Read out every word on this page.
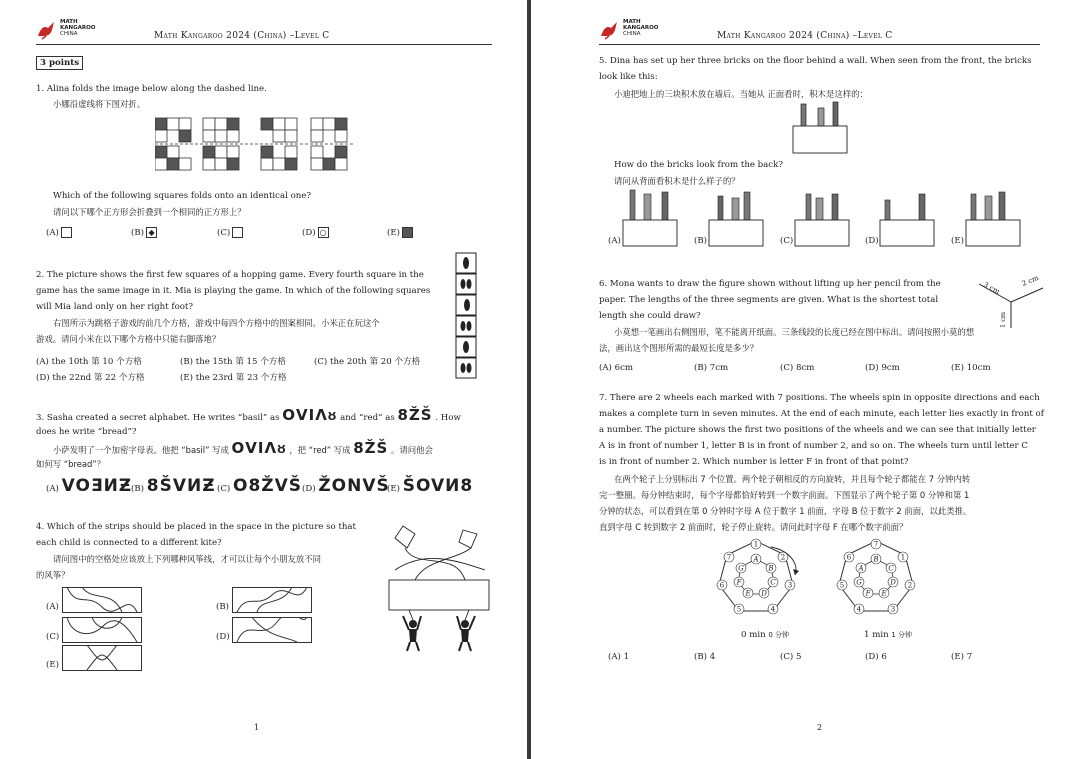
MATH
KANGAROO
CHINA	Math Kangaroo 2024 (China) –Level C
3 points
1. Alina folds the image below along the dashed line.
小娜沿虚线将下图对折。
Which of the following squares folds onto an identical one?
请问以下哪个正方形会折叠到一个相同的正方形上？
(A)	(B) ◆	(C)	(D) ○	(E)
2. The picture shows the first few squares of a hopping game. Every fourth square in the
game has the same image in it. Mia is playing the game. In which of the following squares
will Mia land only on her right foot?
右图所示为跳格子游戏的前几个方格，游戏中每四个方格中的图案相同。小米正在玩这个
游戏。请问小米在以下哪个方格中只能右脚落地？
(A) the 10th 第 10 个方格	(B) the 15th 第 15 个方格	(C) the 20th 第 20 个方格
(D) the 22nd 第 22 个方格	(E) the 23rd 第 23 个方格
3. Sasha created a secret alphabet. He writes “basil” as ОVIΛᴕ and “red” as 8ŽŠ . How
does he write “bread”?
小萨发明了一个加密字母表。他把 “basil” 写成 ОVIΛᴕ ，把 “red” 写成 8ŽŠ 。请问他会
如何写 “bread”？
(A) VOƎИƵ
(B) 8ŠVИƵ (C) O8ŽVŠ (D) ŽONVŠ
(E) ŠOVИ8
4. Which of the strips should be placed in the space in the picture so that
each child is connected to a different kite?
请问图中的空格处应该放上下列哪种风筝线，才可以让每个小朋友放不同
的风筝？
(A)	(B)
(C)	(D)
(E)
1
MATH
KANGAROO
CHINA	Math Kangaroo 2024 (China) –Level C
5. Dina has set up her three bricks on the floor behind a wall. When seen from the front, the bricks
look like this:
小迪把地上的三块积木放在墙后。当她从 正面看时，积木是这样的：
How do the bricks look from the back?
请问从背面看积木是什么样子的？
(A)	(B)	(C)	(D)	(E)
6. Mona wants to draw the figure shown without lifting up her pencil from the
paper. The lengths of the three segments are given. What is the shortest total
length she could draw?
小莫想一笔画出右侧图形，笔不能离开纸面。三条线段的长度已经在图中标出。请问按照小莫的想
法，画出这个图形所需的最短长度是多少？
3 cm	2 cm
1 cm
(A) 6cm	(B) 7cm	(C) 8cm	(D) 9cm	(E) 10cm
7. There are 2 wheels each marked with 7 positions. The wheels spin in opposite directions and each
makes a complete turn in seven minutes. At the end of each minute, each letter lies exactly in front of
a number. The picture shows the first two positions of the wheels and we can see that initially letter
A is in front of number 1, letter B is in front of number 2, and so on. The wheels turn until letter C
is in front of number 2. Which number is letter F in front of that point?
在两个轮子上分别标出 7 个位置。两个轮子朝相反的方向旋转，并且每个轮子都能在 7 分钟内转
完一整圈。每分钟结束时，每个字母都恰好转到一个数字前面。下图显示了两个轮子第 0 分钟和第 1
分钟的状态，可以看到在第 0 分钟时字母 A 位于数字 1 前面，字母 B 位于数字 2 前面，以此类推。
直到字母 C 转到数字 2 前面时，轮子停止旋转。请问此时字母 F 在哪个数字前面？
1
2
3
4
5
6
7	A
B
C
D
E
F
G
7
1
2
3
4
5
6	B
C
D
E
F
G
A
0 min 0 分钟	1 min 1 分钟
(A) 1	(B) 4	(C) 5	(D) 6	(E) 7
2
